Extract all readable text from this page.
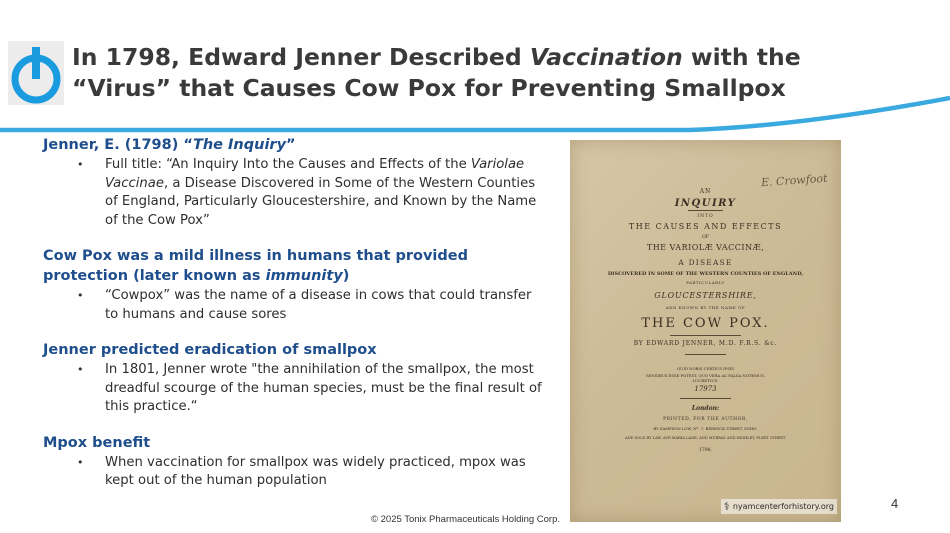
In 1798, Edward Jenner Described Vaccination with the
“Virus” that Causes Cow Pox for Preventing Smallpox
Jenner, E. (1798) “The Inquiry”
• Full title: “An Inquiry Into the Causes and Effects of the Variolae Vaccinae, a Disease Discovered in Some of the Western Counties of England, Particularly Gloucestershire, and Known by the Name of the Cow Pox”
Cow Pox was a mild illness in humans that provided protection (later known as immunity)
• “Cowpox” was the name of a disease in cows that could transfer to humans and cause sores
Jenner predicted eradication of smallpox
• In 1801, Jenner wrote "the annihilation of the smallpox, the most dreadful scourge of the human species, must be the final result of this practice.“
Mpox benefit
• When vaccination for smallpox was widely practiced, mpox was kept out of the human population
E. Crowfoot
AN
INQUIRY
INTO
THE CAUSES AND EFFECTS
OF
THE VARIOLÆ VACCINÆ,
A DISEASE
DISCOVERED IN SOME OF THE WESTERN COUNTIES OF ENGLAND,
PARTICULARLY
GLOUCESTERSHIRE,
AND KNOWN BY THE NAME OF
THE COW POX.
BY EDWARD JENNER, M.D. F.R.S. &c.
QUID NOBIS CERTIUS IPSIS
SENSIBUS ESSE POTEST, QUO VERA AC FALSA NOTEMUS.
LUCRETIUS.
17973
London:
PRINTED, FOR THE AUTHOR,
BY SAMPSON LOW, Nº. 7, BERWICK STREET, SOHO:
AND SOLD BY LAW, AVE-MARIA LANE; AND MURRAY AND HIGHLEY, FLEET STREET.
1798.
⚕ nyamcenterforhistory.org
© 2025 Tonix Pharmaceuticals Holding Corp.
4
